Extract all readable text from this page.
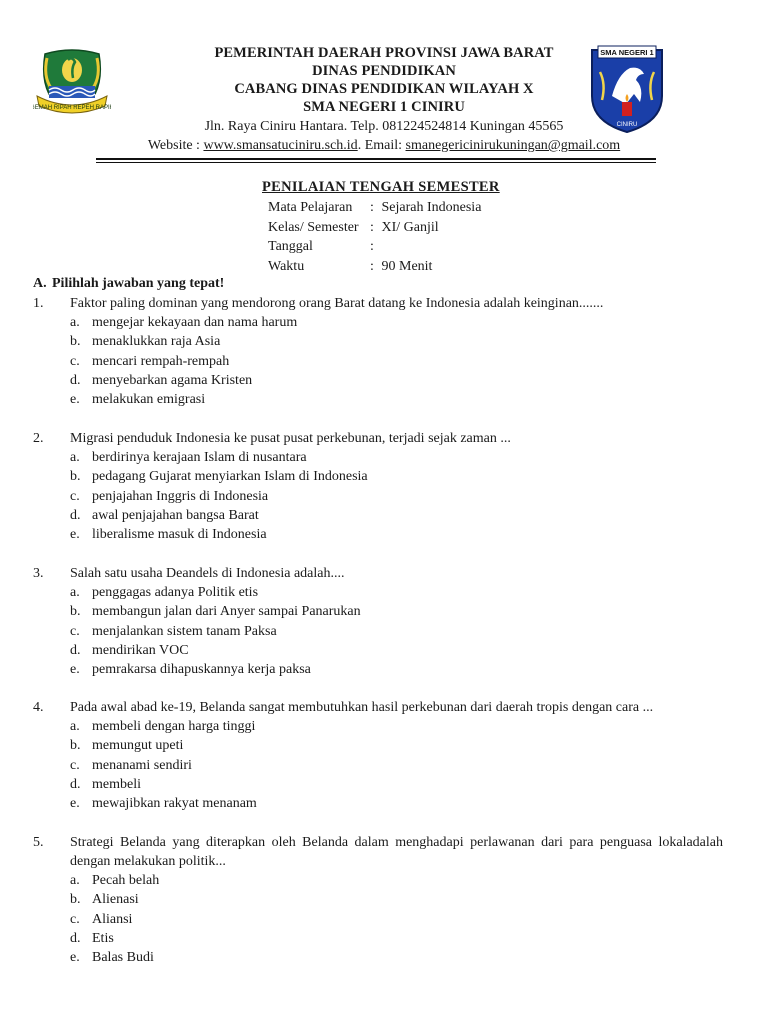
GEMAH RIPAH REPEH RAPIH
SMA NEGERI 1
CINIRU
PEMERINTAH DAERAH PROVINSI JAWA BARAT
DINAS PENDIDIKAN
CABANG DINAS PENDIDIKAN WILAYAH X
SMA NEGERI 1 CINIRU
Jln. Raya Ciniru Hantara. Telp. 081224524814 Kuningan 45565
Website : www.smansatuciniru.sch.id. Email: smanegericinirukuningan@gmail.com
PENILAIAN TENGAH SEMESTER
Mata Pelajaran : Sejarah Indonesia
Kelas/ Semester : XI/ Ganjil
Tanggal	:
Waktu	: 90 Menit
A. Pilihlah jawaban yang tepat!
1.	Faktor paling dominan yang mendorong orang Barat datang ke Indonesia adalah keinginan.......
a. mengejar kekayaan dan nama harum
b. menaklukkan raja Asia
c. mencari rempah-rempah
d. menyebarkan agama Kristen
e. melakukan emigrasi
2.	Migrasi penduduk Indonesia ke pusat pusat perkebunan, terjadi sejak zaman ...
a. berdirinya kerajaan Islam di nusantara
b. pedagang Gujarat menyiarkan Islam di Indonesia
c. penjajahan Inggris di Indonesia
d. awal penjajahan bangsa Barat
e. liberalisme masuk di Indonesia
3.	Salah satu usaha Deandels di Indonesia adalah....
a. penggagas adanya Politik etis
b. membangun jalan dari Anyer sampai Panarukan
c. menjalankan sistem tanam Paksa
d. mendirikan VOC
e. pemrakarsa dihapuskannya kerja paksa
4.	Pada awal abad ke-19, Belanda sangat membutuhkan hasil perkebunan dari daerah tropis dengan cara ...
a. membeli dengan harga tinggi
b. memungut upeti
c. menanami sendiri
d. membeli
e. mewajibkan rakyat menanam
5.	Strategi Belanda yang diterapkan oleh Belanda dalam menghadapi perlawanan dari para penguasa lokaladalah dengan melakukan politik...
a. Pecah belah
b. Alienasi
c. Aliansi
d. Etis
e. Balas Budi
